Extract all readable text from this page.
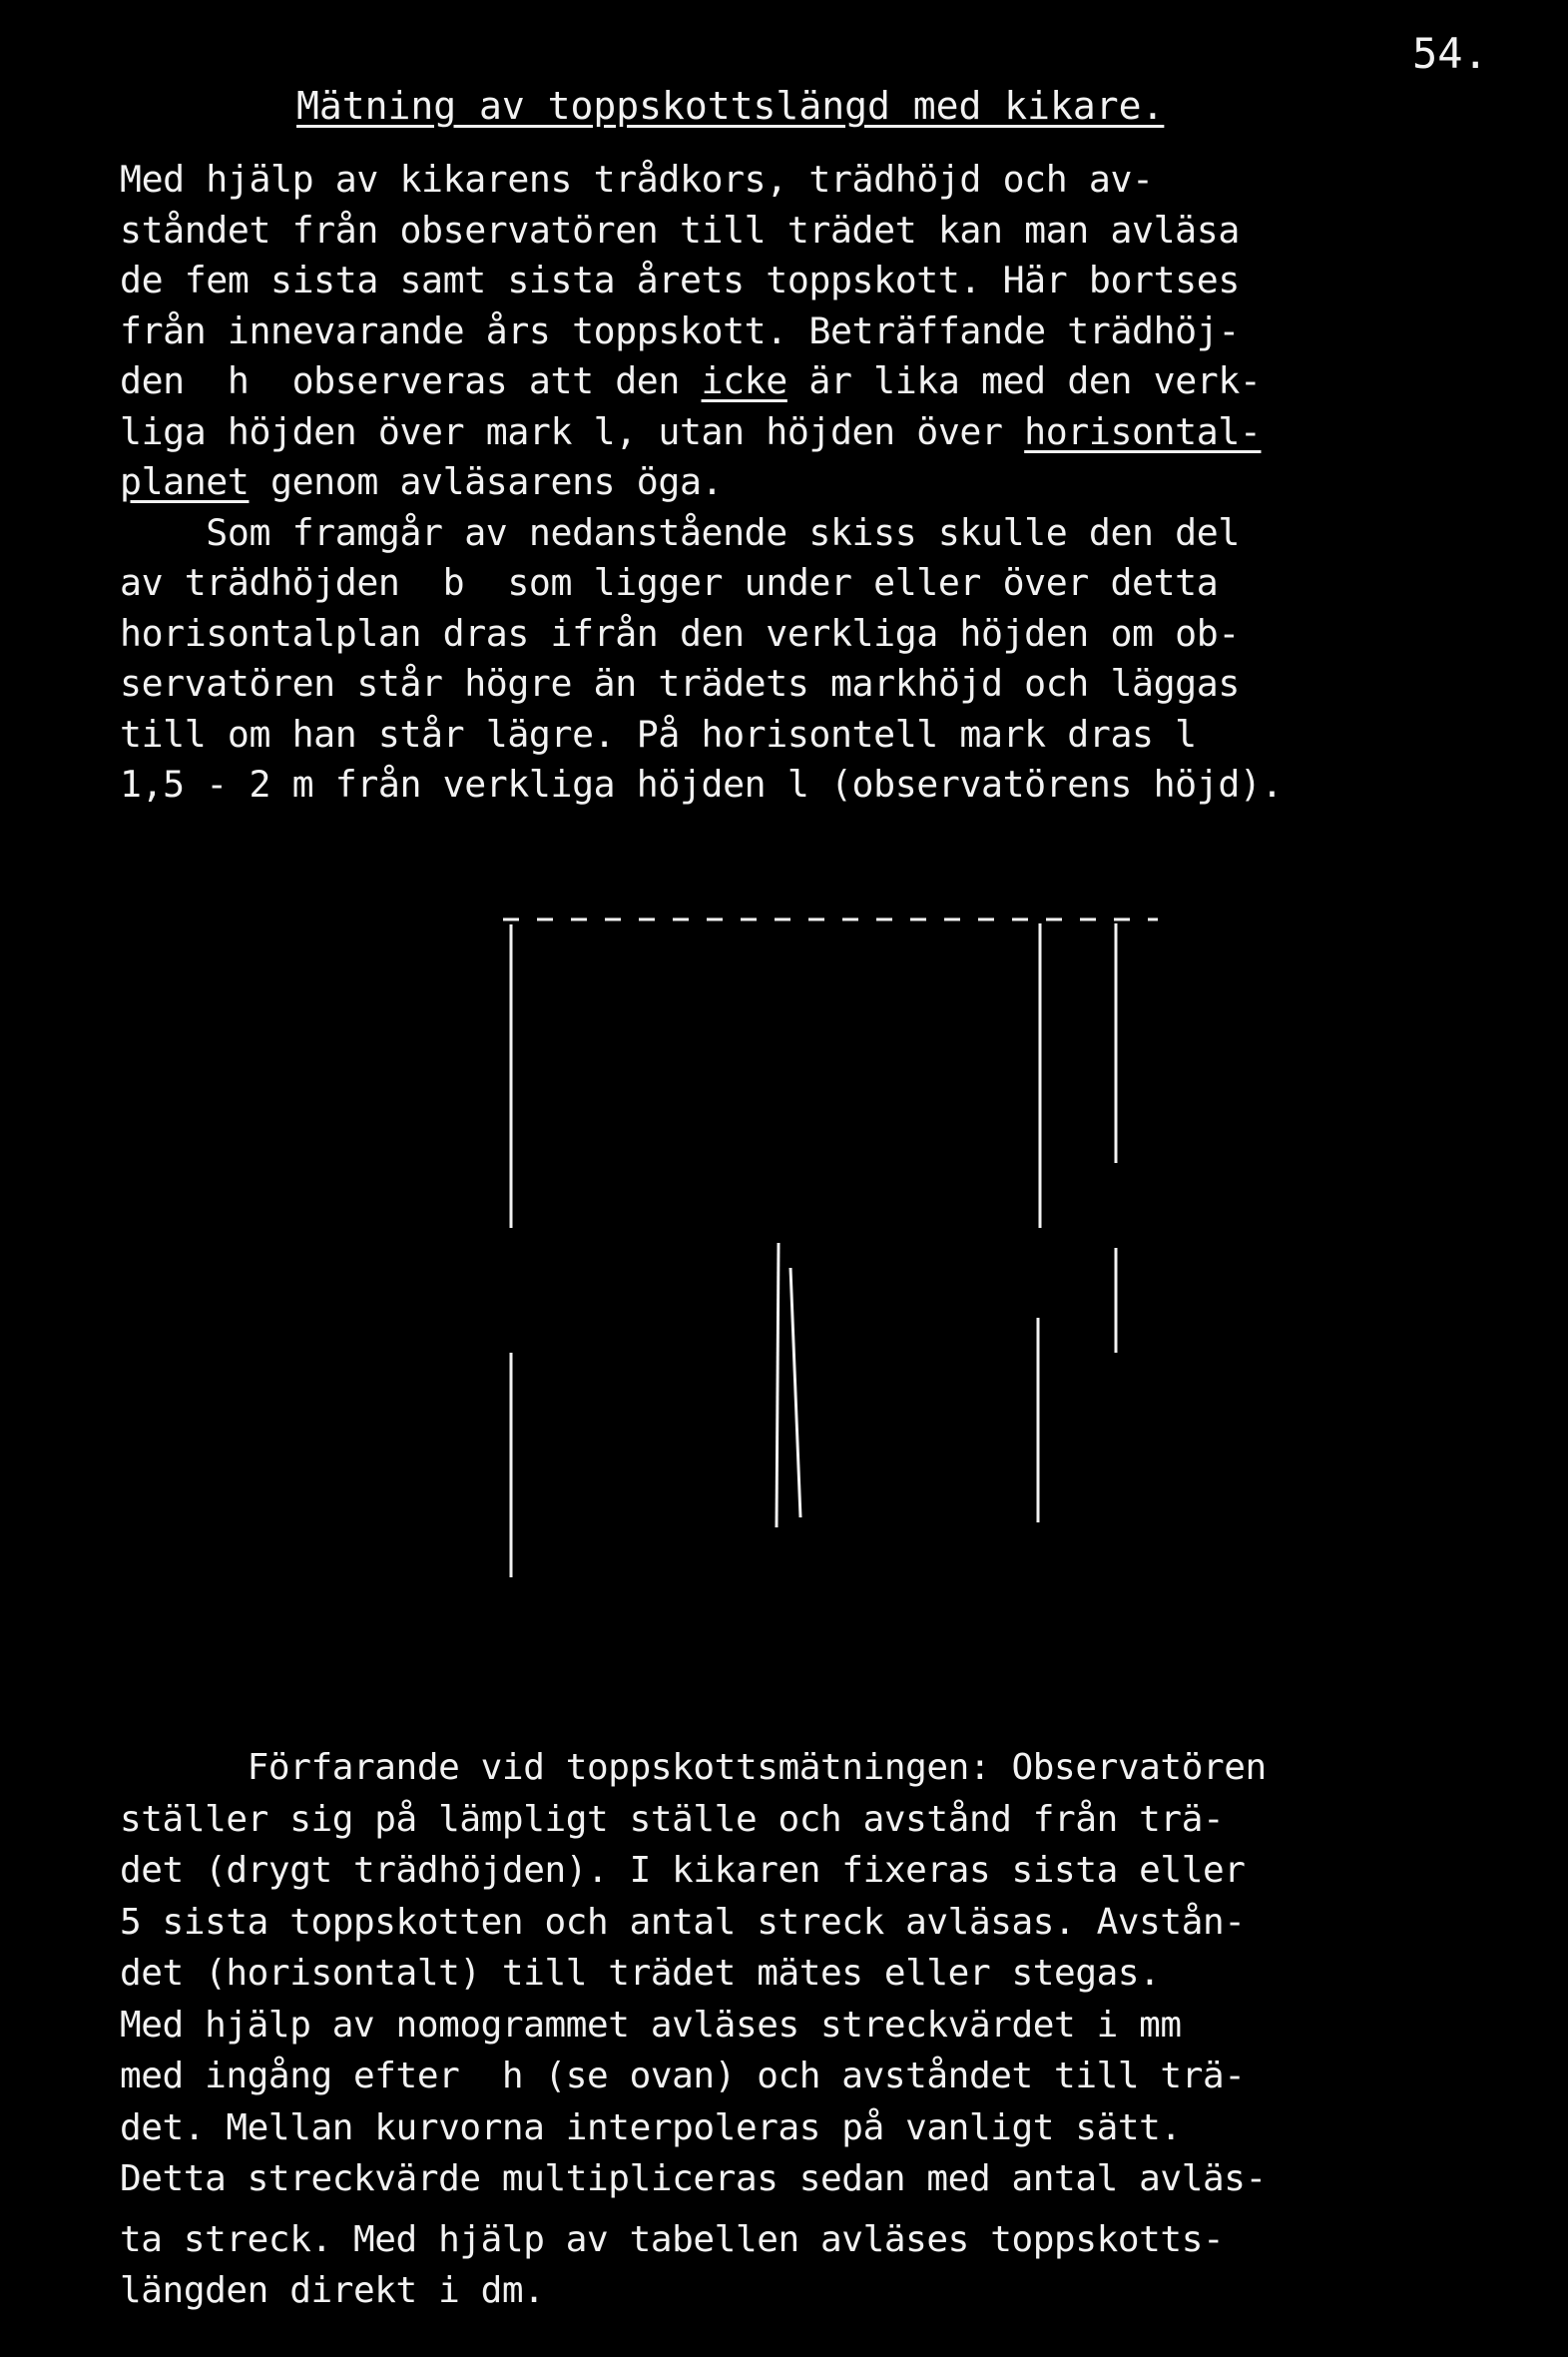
54.
Mätning av toppskottslängd med kikare.
Med hjälp av kikarens trådkors, trädhöjd och av-
ståndet från observatören till trädet kan man avläsa
de fem sista samt sista årets toppskott. Här bortses
från innevarande års toppskott. Beträffande trädhöj-
den  h  observeras att den icke är lika med den verk-
liga höjden över mark l, utan höjden över horisontal-
planet genom avläsarens öga.
Som framgår av nedanstående skiss skulle den del
av trädhöjden  b  som ligger under eller över detta
horisontalplan dras ifrån den verkliga höjden om ob-
servatören står högre än trädets markhöjd och läggas
till om han står lägre. På horisontell mark dras l
1,5 - 2 m från verkliga höjden l (observatörens höjd).
Förfarande vid toppskottsmätningen: Observatören
ställer sig på lämpligt ställe och avstånd från trä-
det (drygt trädhöjden). I kikaren fixeras sista eller
5 sista toppskotten och antal streck avläsas. Avstån-
det (horisontalt) till trädet mätes eller stegas.
Med hjälp av nomogrammet avläses streckvärdet i mm
med ingång efter  h (se ovan) och avståndet till trä-
det. Mellan kurvorna interpoleras på vanligt sätt.
Detta streckvärde multipliceras sedan med antal avläs-
ta streck. Med hjälp av tabellen avläses toppskotts-
längden direkt i dm.
